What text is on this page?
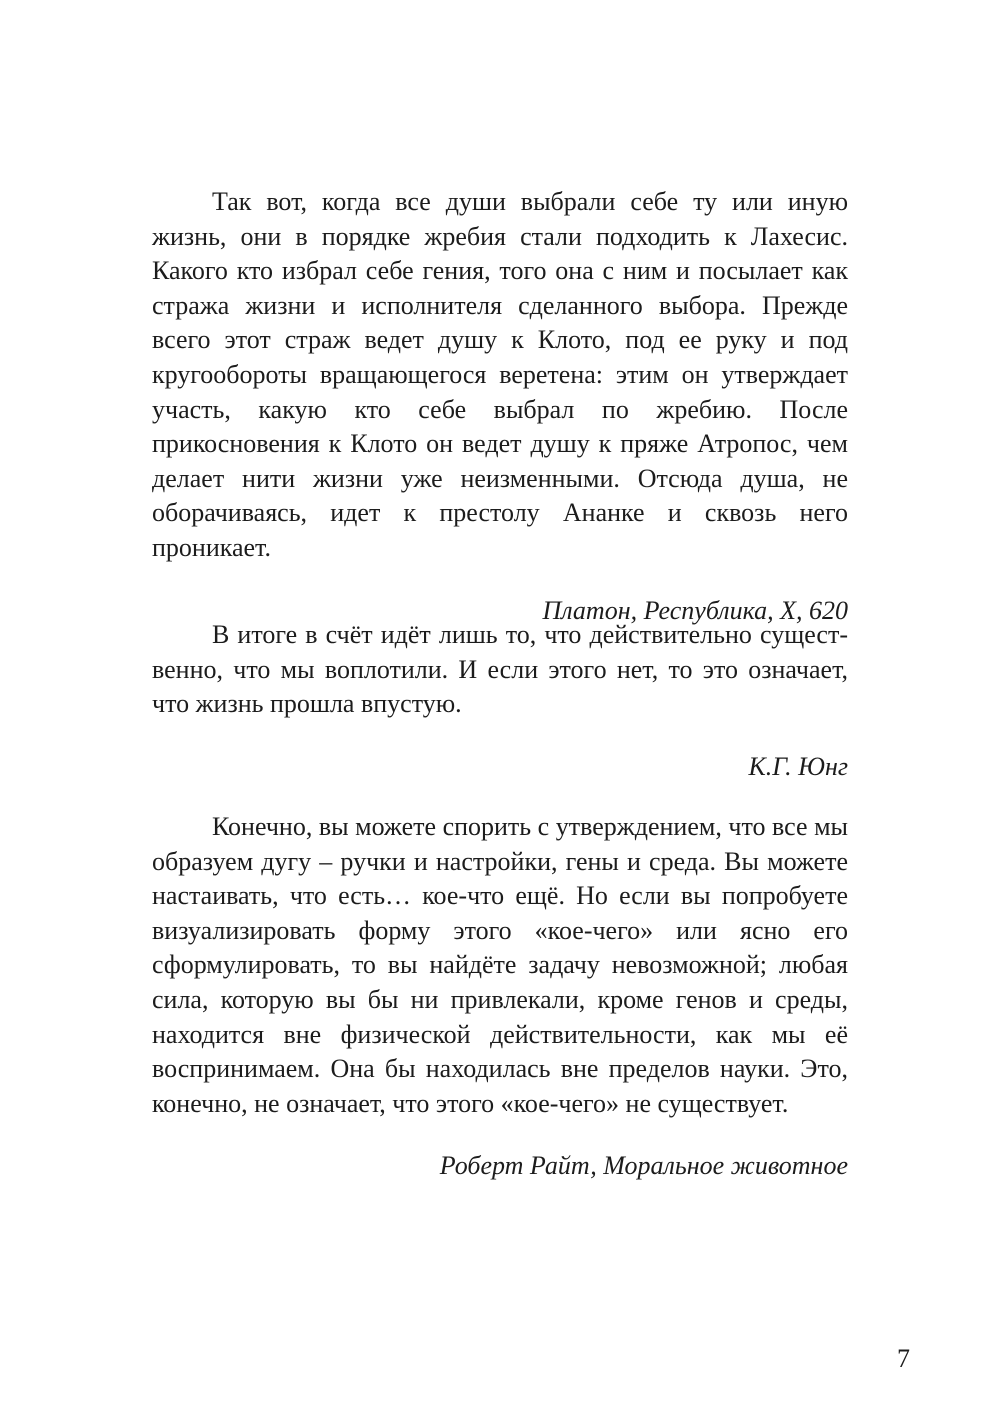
Так вот, когда все души выбрали себе ту или иную жизнь, они в порядке жребия стали подходить к Лахесис. Какого кто избрал себе гения, того она с ним и посылает как стража жизни и исполнителя сделанного выбора. Прежде всего этот страж ведет душу к Клото, под ее руку и под кругообороты вращающегося веретена: этим он утверждает участь, какую кто себе выбрал по жребию. После прикосновения к Клото он ведет душу к пряже Атропос, чем делает нити жизни уже неизменными. Отсюда душа, не оборачиваясь, идет к престолу Ананке и сквозь него проникает.

Платон, Республика, X, 620

В итоге в счёт идёт лишь то, что действительно существенно, что мы воплотили. И если этого нет, то это означает, что жизнь прошла впустую.

К.Г. Юнг

Конечно, вы можете спорить с утверждением, что все мы образуем дугу – ручки и настройки, гены и среда. Вы можете настаивать, что есть… кое-что ещё. Но если вы попробуете визуализировать форму этого «кое-чего» или ясно его сформулировать, то вы найдёте задачу невозможной; любая сила, которую вы бы ни привлекали, кроме генов и среды, находится вне физической действительности, как мы её воспринимаем. Она бы находилась вне пределов науки. Это, конечно, не означает, что этого «кое-чего» не существует.

Роберт Райт, Моральное животное

7
